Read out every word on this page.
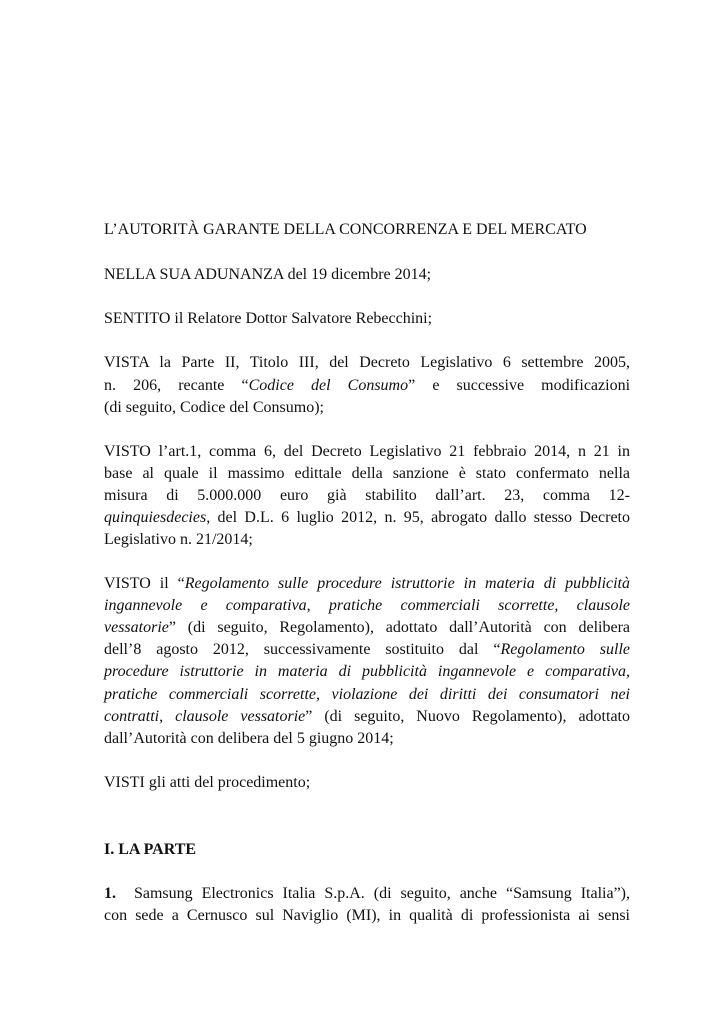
L’AUTORITÀ GARANTE DELLA CONCORRENZA E DEL MERCATO
NELLA SUA ADUNANZA del 19 dicembre 2014;
SENTITO il Relatore Dottor Salvatore Rebecchini;
VISTA la Parte II, Titolo III, del Decreto Legislativo 6 settembre 2005,
n. 206, recante “Codice del Consumo” e successive modificazioni
(di seguito, Codice del Consumo);
VISTO l’art.1, comma 6, del Decreto Legislativo 21 febbraio 2014, n 21 in
base al quale il massimo edittale della sanzione è stato confermato nella
misura di 5.000.000 euro già stabilito dall’art. 23, comma 12-
quinquiesdecies, del D.L. 6 luglio 2012, n. 95, abrogato dallo stesso Decreto
Legislativo n. 21/2014;
VISTO il “Regolamento sulle procedure istruttorie in materia di pubblicità
ingannevole e comparativa, pratiche commerciali scorrette, clausole
vessatorie” (di seguito, Regolamento), adottato dall’Autorità con delibera
dell’8 agosto 2012, successivamente sostituito dal “Regolamento sulle
procedure istruttorie in materia di pubblicità ingannevole e comparativa,
pratiche commerciali scorrette, violazione dei diritti dei consumatori nei
contratti, clausole vessatorie” (di seguito, Nuovo Regolamento), adottato
dall’Autorità con delibera del 5 giugno 2014;
VISTI gli atti del procedimento;
I. LA PARTE
1. Samsung Electronics Italia S.p.A. (di seguito, anche “Samsung Italia”),
con sede a Cernusco sul Naviglio (MI), in qualità di professionista ai sensi
